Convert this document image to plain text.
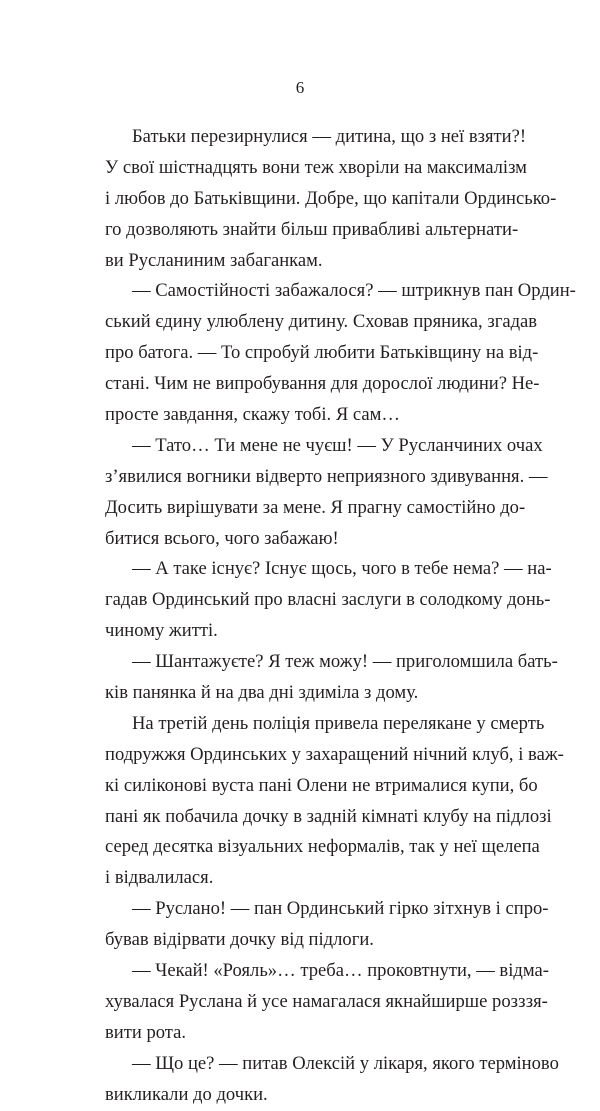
6
Батьки перезирнулися — дитина, що з неї взяти?!
У свої шістнадцять вони теж хворіли на максималізм
і любов до Батьківщини. Добре, що капітали Ординсько-
го дозволяють знайти більш привабливі альтернати-
ви Русланиним забаганкам.
— Самостійності забажалося? — штрикнув пан Ордин-
ський єдину улюблену дитину. Сховав пряника, згадав
про батога. — То спробуй любити Батьківщину на від-
стані. Чим не випробування для дорослої людини? Не-
просте завдання, скажу тобі. Я сам…
— Тато… Ти мене не чуєш! — У Русланчиних очах
з’явилися вогники відверто неприязного здивування. —
Досить вирішувати за мене. Я прагну самостійно до-
битися всього, чого забажаю!
— А таке існує? Існує щось, чого в тебе нема? — на-
гадав Ординський про власні заслуги в солодкому донь-
чиному житті.
— Шантажуєте? Я теж можу! — приголомшила бать-
ків панянка й на два дні здиміла з дому.
На третій день поліція привела перелякане у смерть
подружжя Ординських у захаращений нічний клуб, і важ-
кі силіконові вуста пані Олени не втрималися купи, бо
пані як побачила дочку в задній кімнаті клубу на підлозі
серед десятка візуальних неформалів, так у неї щелепа
і відвалилася.
— Руслано! — пан Ординський гірко зітхнув і спро-
бував відірвати дочку від підлоги.
— Чекай! «Рояль»… треба… проковтнути, — відма-
хувалася Руслана й усе намагалася якнайширше розззя-
вити рота.
— Що це? — питав Олексій у лікаря, якого терміново
викликали до дочки.
